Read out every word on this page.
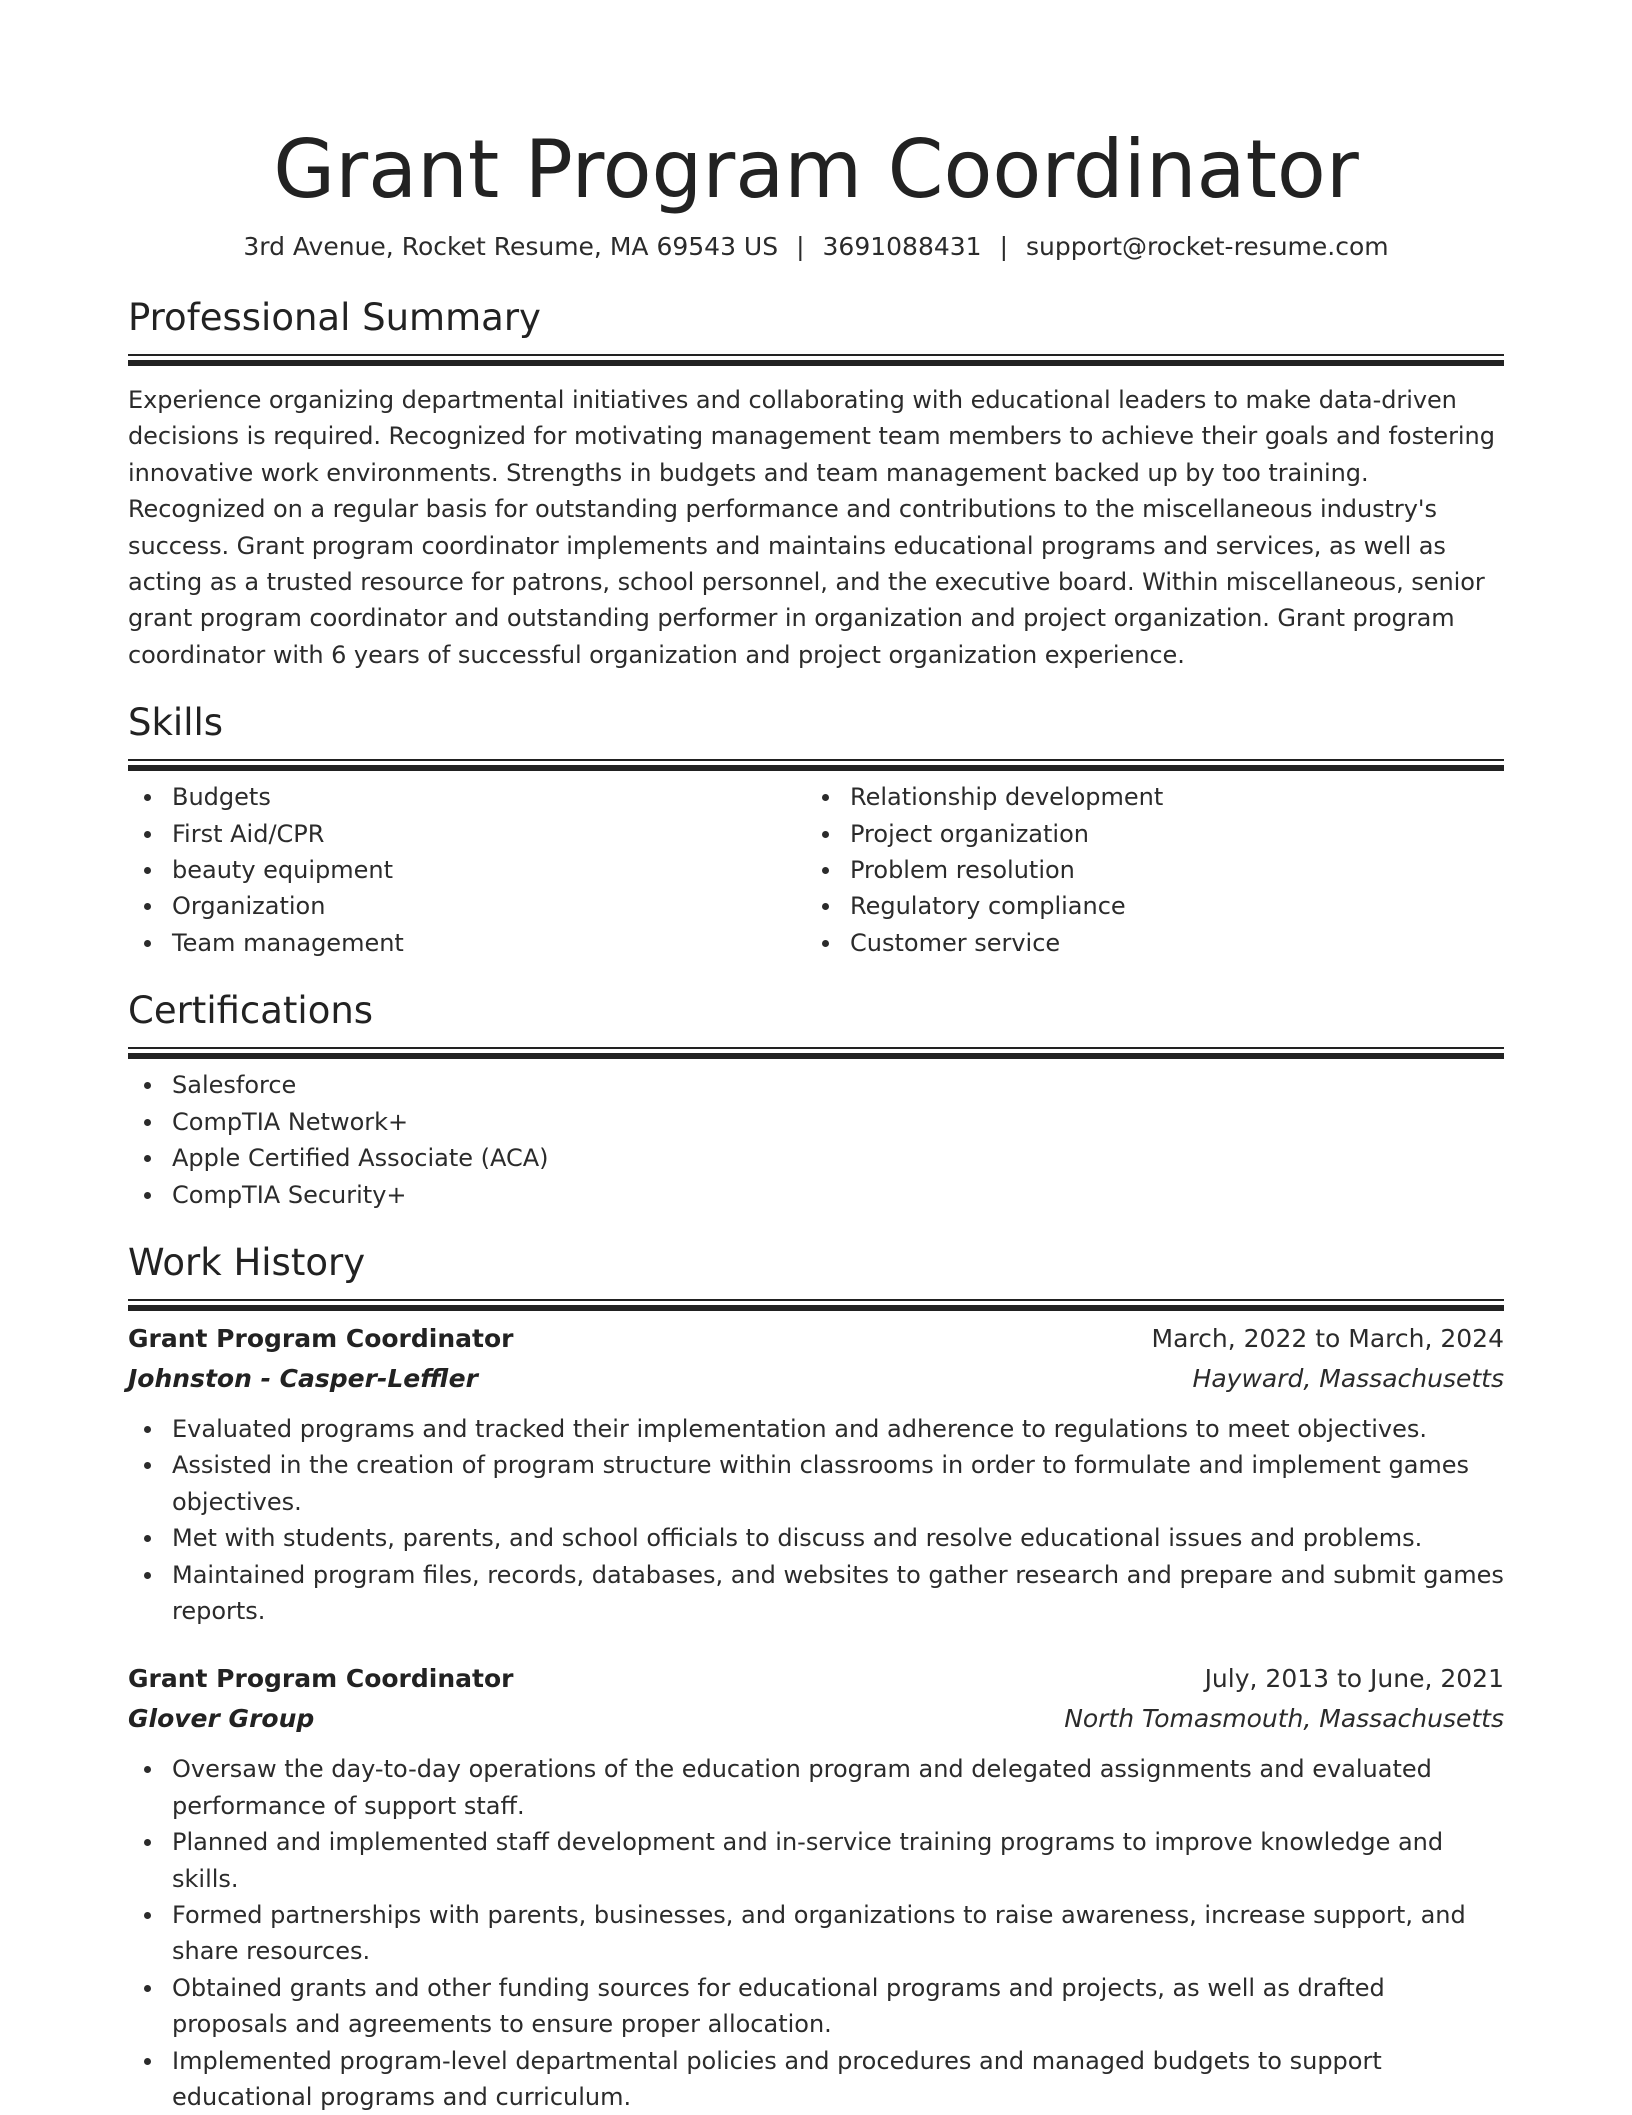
Grant Program Coordinator
3rd Avenue, Rocket Resume, MA 69543 US | 3691088431 | support@rocket-resume.com
Professional Summary
Experience organizing departmental initiatives and collaborating with educational leaders to make data-driven decisions is required. Recognized for motivating management team members to achieve their goals and fostering innovative work environments. Strengths in budgets and team management backed up by too training. Recognized on a regular basis for outstanding performance and contributions to the miscellaneous industry's success. Grant program coordinator implements and maintains educational programs and services, as well as acting as a trusted resource for patrons, school personnel, and the executive board. Within miscellaneous, senior grant program coordinator and outstanding performer in organization and project organization. Grant program coordinator with 6 years of successful organization and project organization experience.
Skills
Budgets
First Aid/CPR
beauty equipment
Organization
Team management
Relationship development
Project organization
Problem resolution
Regulatory compliance
Customer service
Certifications
Salesforce
CompTIA Network+
Apple Certified Associate (ACA)
CompTIA Security+
Work History
Grant Program Coordinator	March, 2022 to March, 2024
Johnston - Casper-Leffler	Hayward, Massachusetts
Evaluated programs and tracked their implementation and adherence to regulations to meet objectives.
Assisted in the creation of program structure within classrooms in order to formulate and implement games objectives.
Met with students, parents, and school officials to discuss and resolve educational issues and problems.
Maintained program files, records, databases, and websites to gather research and prepare and submit games reports.
Grant Program Coordinator	July, 2013 to June, 2021
Glover Group	North Tomasmouth, Massachusetts
Oversaw the day-to-day operations of the education program and delegated assignments and evaluated performance of support staff.
Planned and implemented staff development and in-service training programs to improve knowledge and skills.
Formed partnerships with parents, businesses, and organizations to raise awareness, increase support, and share resources.
Obtained grants and other funding sources for educational programs and projects, as well as drafted proposals and agreements to ensure proper allocation.
Implemented program-level departmental policies and procedures and managed budgets to support educational programs and curriculum.
